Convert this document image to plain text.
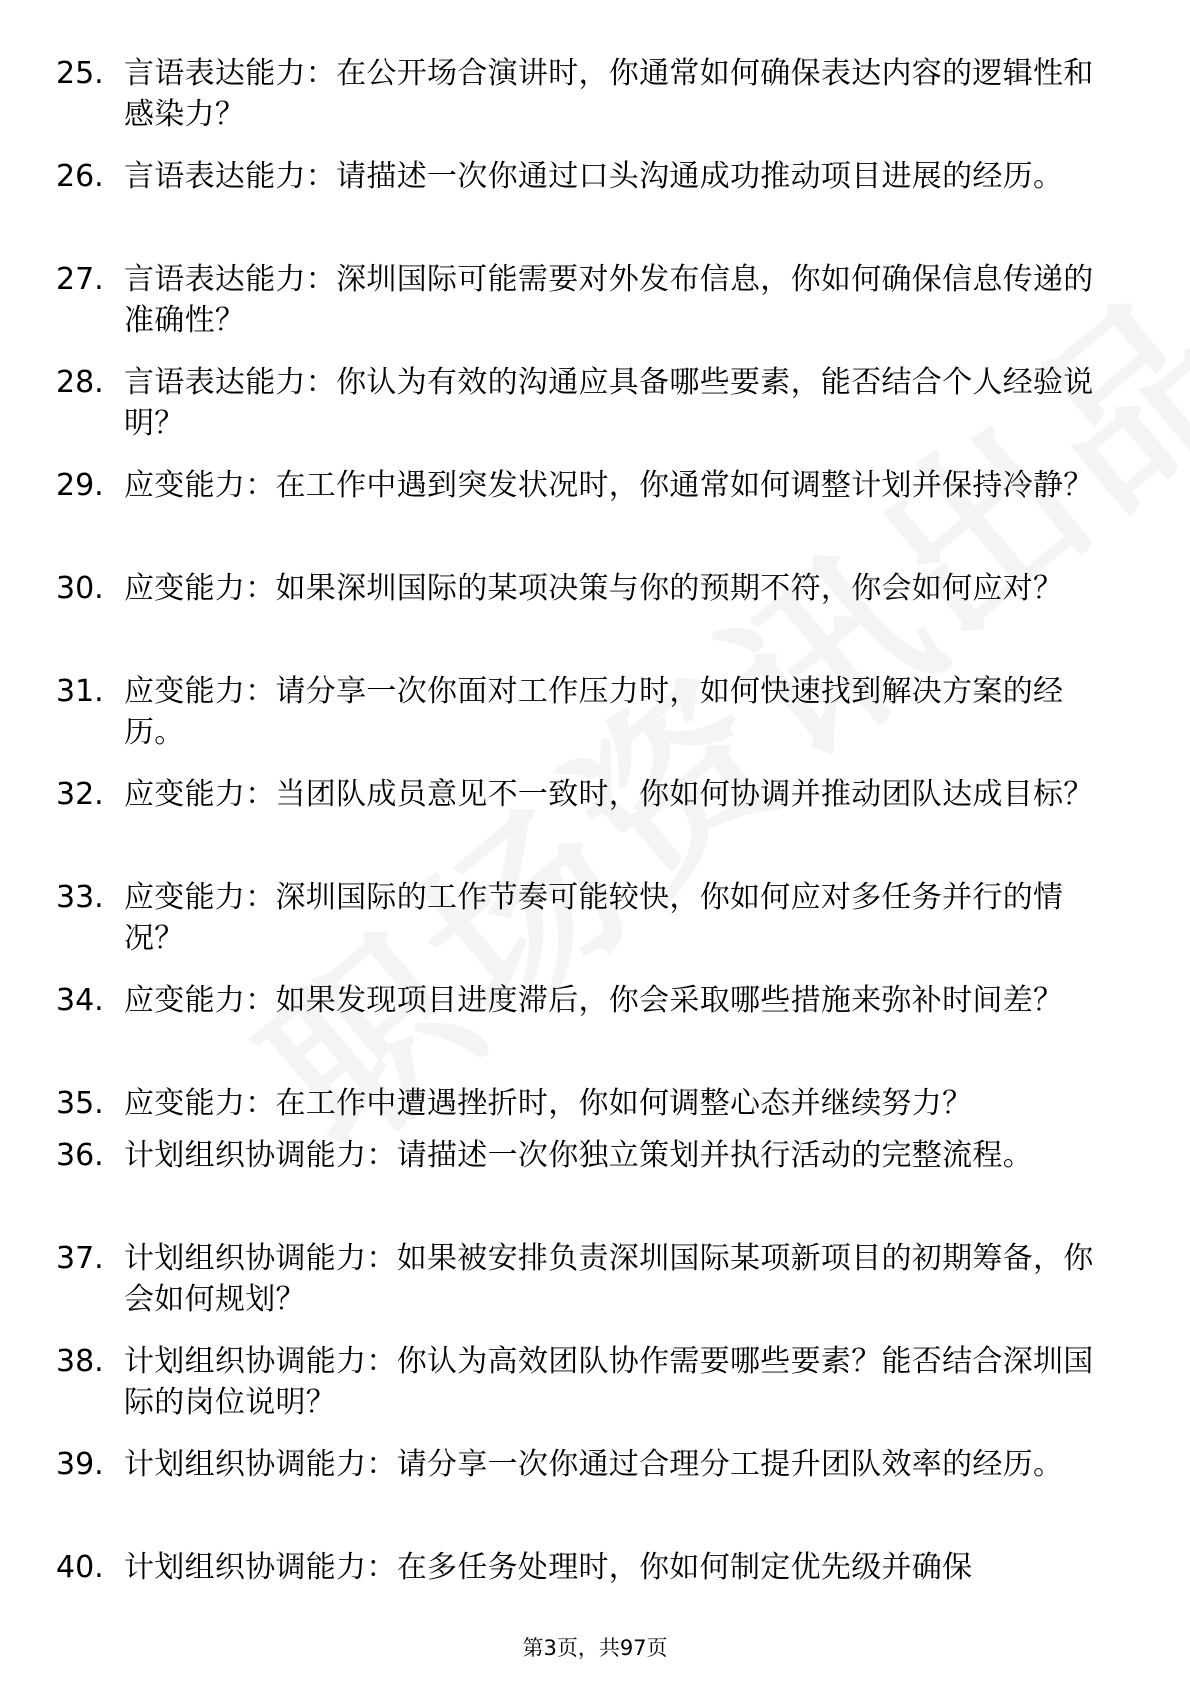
25. 言语表达能力：在公开场合演讲时，你通常如何确保表达内容的逻辑性和感染力？
26. 言语表达能力：请描述一次你通过口头沟通成功推动项目进展的经历。
27. 言语表达能力：深圳国际可能需要对外发布信息，你如何确保信息传递的准确性？
28. 言语表达能力：你认为有效的沟通应具备哪些要素，能否结合个人经验说明？
29. 应变能力：在工作中遇到突发状况时，你通常如何调整计划并保持冷静？
30. 应变能力：如果深圳国际的某项决策与你的预期不符，你会如何应对？
31. 应变能力：请分享一次你面对工作压力时，如何快速找到解决方案的经历。
32. 应变能力：当团队成员意见不一致时，你如何协调并推动团队达成目标？
33. 应变能力：深圳国际的工作节奏可能较快，你如何应对多任务并行的情况？
34. 应变能力：如果发现项目进度滞后，你会采取哪些措施来弥补时间差？
35. 应变能力：在工作中遭遇挫折时，你如何调整心态并继续努力？
36. 计划组织协调能力：请描述一次你独立策划并执行活动的完整流程。
37. 计划组织协调能力：如果被安排负责深圳国际某项新项目的初期筹备，你会如何规划？
38. 计划组织协调能力：你认为高效团队协作需要哪些要素？能否结合深圳国际的岗位说明？
39. 计划组织协调能力：请分享一次你通过合理分工提升团队效率的经历。
40. 计划组织协调能力：在多任务处理时，你如何制定优先级并确保
第3页，共97页
